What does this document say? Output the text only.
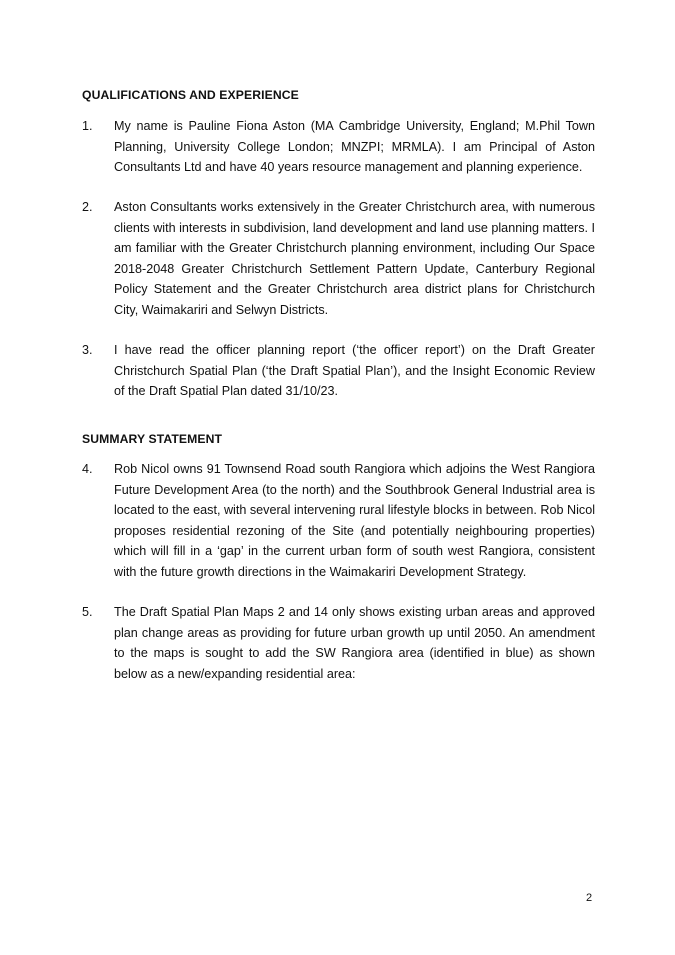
QUALIFICATIONS AND EXPERIENCE
1. My name is Pauline Fiona Aston (MA Cambridge University, England; M.Phil Town Planning, University College London; MNZPI; MRMLA). I am Principal of Aston Consultants Ltd and have 40 years resource management and planning experience.
2. Aston Consultants works extensively in the Greater Christchurch area, with numerous clients with interests in subdivision, land development and land use planning matters. I am familiar with the Greater Christchurch planning environment, including Our Space 2018-2048 Greater Christchurch Settlement Pattern Update, Canterbury Regional Policy Statement and the Greater Christchurch area district plans for Christchurch City, Waimakariri and Selwyn Districts.
3. I have read the officer planning report (‘the officer report’) on the Draft Greater Christchurch Spatial Plan (‘the Draft Spatial Plan’), and the Insight Economic Review of the Draft Spatial Plan dated 31/10/23.
SUMMARY STATEMENT
4. Rob Nicol owns 91 Townsend Road south Rangiora which adjoins the West Rangiora Future Development Area (to the north) and the Southbrook General Industrial area is located to the east, with several intervening rural lifestyle blocks in between. Rob Nicol proposes residential rezoning of the Site (and potentially neighbouring properties) which will fill in a ‘gap’ in the current urban form of south west Rangiora, consistent with the future growth directions in the Waimakariri Development Strategy.
5. The Draft Spatial Plan Maps 2 and 14 only shows existing urban areas and approved plan change areas as providing for future urban growth up until 2050. An amendment to the maps is sought to add the SW Rangiora area (identified in blue) as shown below as a new/expanding residential area:
2
